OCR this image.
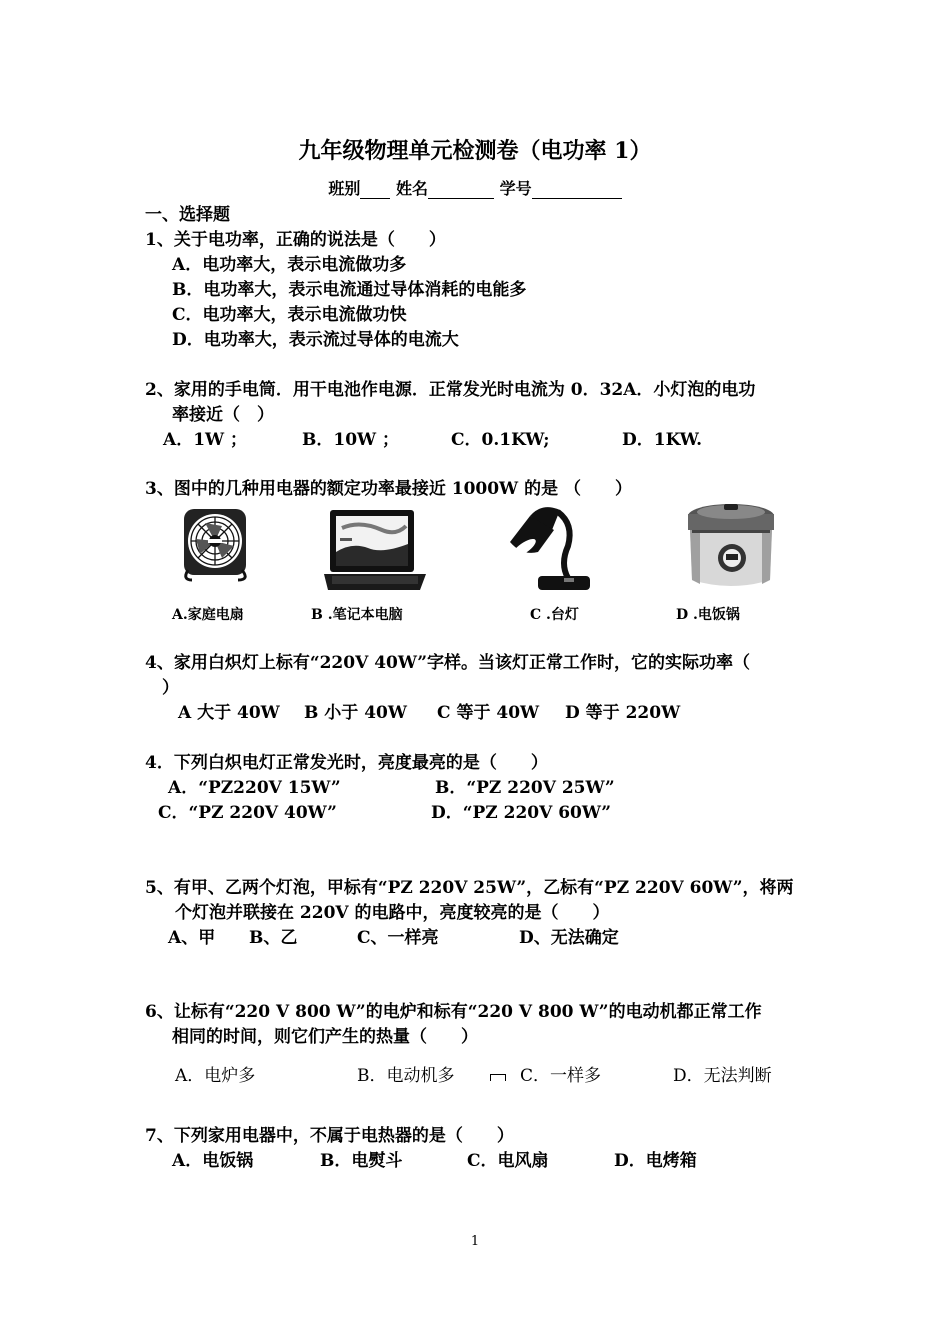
九年级物理单元检测卷（电功率 1）
班别 姓名	学号
一、选择题
1、关于电功率，正确的说法是（　　）
A．电功率大，表示电流做功多
B．电功率大，表示电流通过导体消耗的电能多
C．电功率大，表示电流做功快
D．电功率大，表示流过导体的电流大
2、家用的手电筒．用干电池作电源．正常发光时电流为 0．32A．小灯泡的电功
率接近（　）
A．1W ；	B．10W ；	C．0.1KW;	D．1KW.
3、图中的几种用电器的额定功率最接近 1000W 的是 （　　）
A.家庭电扇	B .笔记本电脑	C .台灯	D .电饭锅
4、家用白炽灯上标有“220V 40W”字样。当该灯正常工作时，它的实际功率（
）
A 大于 40W B 小于 40W C 等于 40W D 等于 220W
4．下列白炽电灯正常发光时，亮度最亮的是（　　）
A．“PZ220V 15W”	B．“PZ 220V 25W”
C．“PZ 220V 40W”	D．“PZ 220V 60W”
5、有甲、乙两个灯泡，甲标有“PZ 220V 25W”，乙标有“PZ 220V 60W”，将两
个灯泡并联接在 220V 的电路中，亮度较亮的是（　　）
A、甲 B、乙	C、一样亮	D、无法确定
6、让标有“220 V 800 W”的电炉和标有“220 V 800 W”的电动机都正常工作
相同的时间，则它们产生的热量（　　）
A．电炉多	B．电动机多	C．一样多	D．无法判断
7、下列家用电器中，不属于电热器的是（　　）
A．电饭锅	B．电熨斗	C．电风扇	D．电烤箱
1
